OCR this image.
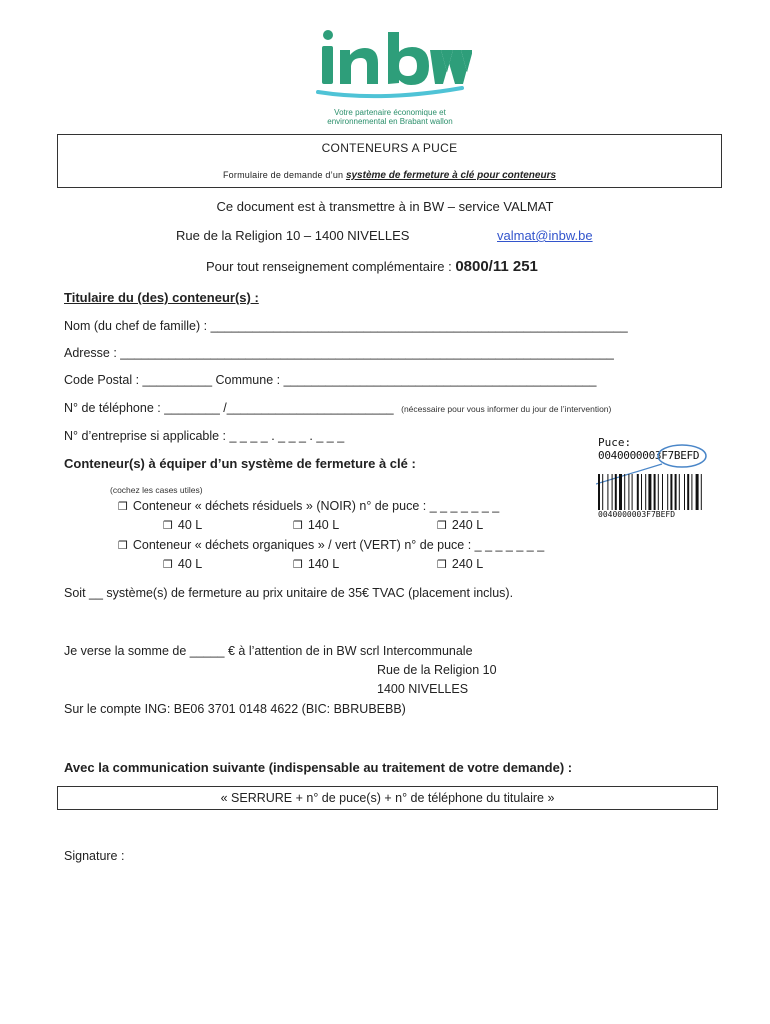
Votre partenaire économique et
environnemental en Brabant wallon
CONTENEURS A PUCE
Formulaire de demande d’un système de fermeture à clé pour conteneurs
Ce document est à transmettre à in BW – service VALMAT
Rue de la Religion 10 – 1400 NIVELLES	valmat@inbw.be
Pour tout renseignement complémentaire : 0800/11 251
Titulaire du (des) conteneur(s) :
Nom (du chef de famille) : ____________________________________________________________
Adresse : _______________________________________________________________________
Code Postal : __________ Commune : _____________________________________________
N° de téléphone : ________ /________________________ (nécessaire pour vous informer du jour de l’intervention)
N° d’entreprise si applicable : _ _ _ _ . _ _ _ . _ _ _	Puce:
0040000003F7BEFD
0040000003F7BEFD
Conteneur(s) à équiper d’un système de fermeture à clé :
(cochez les cases utiles)
❒ Conteneur « déchets résiduels » (NOIR) n° de puce : _ _ _ _ _ _ _
❒ 40 L	❒ 140 L	❒ 240 L
❒ Conteneur « déchets organiques » / vert (VERT) n° de puce : _ _ _ _ _ _ _
❒ 40 L	❒ 140 L	❒ 240 L
Soit __ système(s) de fermeture au prix unitaire de 35€ TVAC (placement inclus).
Je verse la somme de _____ € à l’attention de in BW scrl Intercommunale
Rue de la Religion 10
1400 NIVELLES
Sur le compte ING: BE06 3701 0148 4622 (BIC: BBRUBEBB)
Avec la communication suivante (indispensable au traitement de votre demande) :
« SERRURE + n° de puce(s) + n° de téléphone du titulaire »
Signature :
